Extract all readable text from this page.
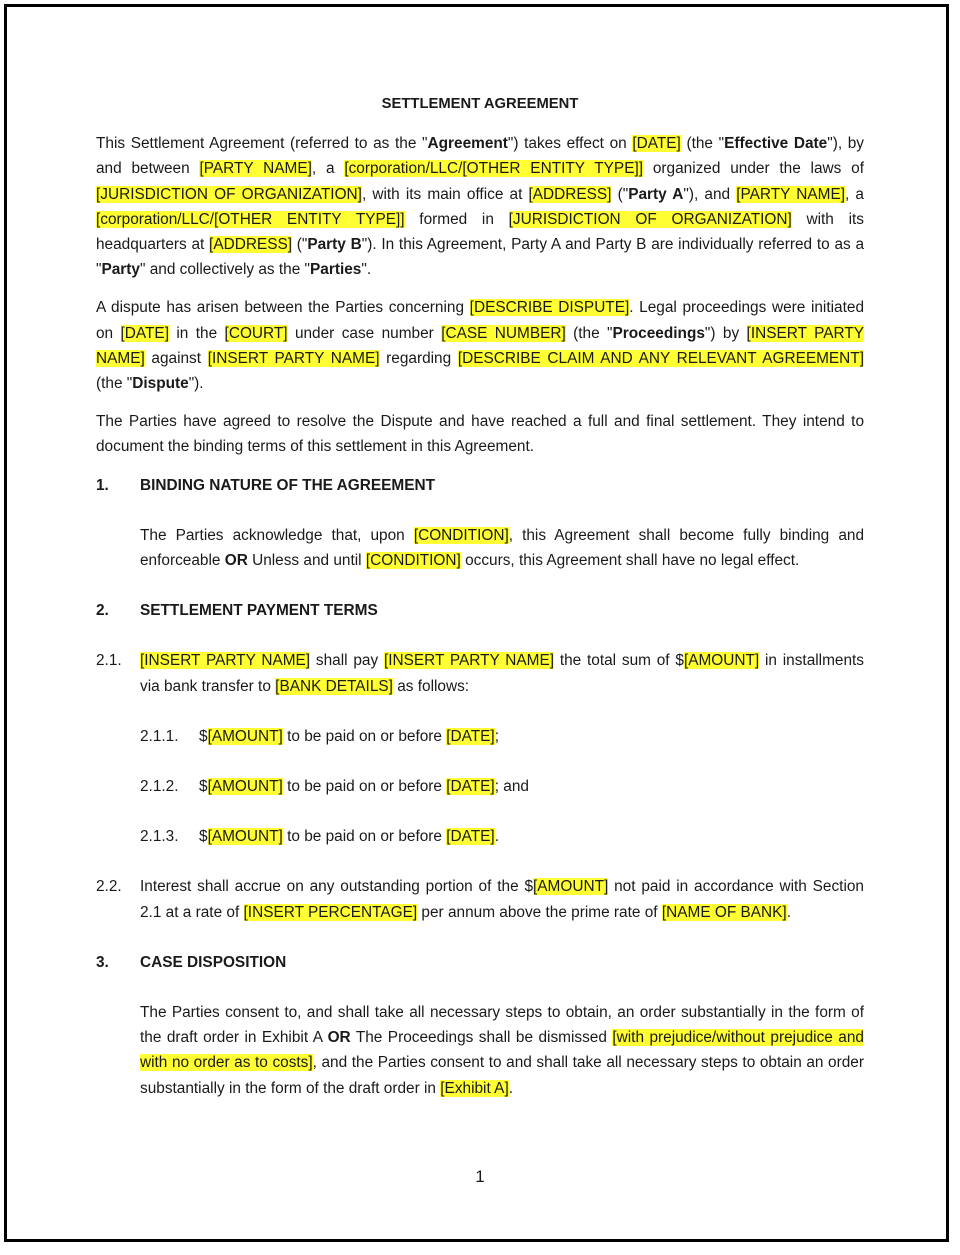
SETTLEMENT AGREEMENT

This Settlement Agreement (referred to as the "Agreement") takes effect on [DATE] (the "Effective Date"), by and between [PARTY NAME], a [corporation/LLC/[OTHER ENTITY TYPE]] organized under the laws of [JURISDICTION OF ORGANIZATION], with its main office at [ADDRESS] ("Party A"), and [PARTY NAME], a [corporation/LLC/[OTHER ENTITY TYPE]] formed in [JURISDICTION OF ORGANIZATION] with its headquarters at [ADDRESS] ("Party B"). In this Agreement, Party A and Party B are individually referred to as a "Party" and collectively as the "Parties".

A dispute has arisen between the Parties concerning [DESCRIBE DISPUTE]. Legal proceedings were initiated on [DATE] in the [COURT] under case number [CASE NUMBER] (the "Proceedings") by [INSERT PARTY NAME] against [INSERT PARTY NAME] regarding [DESCRIBE CLAIM AND ANY RELEVANT AGREEMENT] (the "Dispute").

The Parties have agreed to resolve the Dispute and have reached a full and final settlement. They intend to document the binding terms of this settlement in this Agreement.

1.	BINDING NATURE OF THE AGREEMENT

The Parties acknowledge that, upon [CONDITION], this Agreement shall become fully binding and enforceable OR Unless and until [CONDITION] occurs, this Agreement shall have no legal effect.

2.	SETTLEMENT PAYMENT TERMS
2.1.	[INSERT PARTY NAME] shall pay [INSERT PARTY NAME] the total sum of $[AMOUNT] in installments via bank transfer to [BANK DETAILS] as follows:
2.1.1.	$[AMOUNT] to be paid on or before [DATE];
2.1.2.	$[AMOUNT] to be paid on or before [DATE]; and
2.1.3.	$[AMOUNT] to be paid on or before [DATE].
2.2.	Interest shall accrue on any outstanding portion of the $[AMOUNT] not paid in accordance with Section 2.1 at a rate of [INSERT PERCENTAGE] per annum above the prime rate of [NAME OF BANK].
3.	CASE DISPOSITION

The Parties consent to, and shall take all necessary steps to obtain, an order substantially in the form of the draft order in Exhibit A OR The Proceedings shall be dismissed [with prejudice/without prejudice and with no order as to costs], and the Parties consent to and shall take all necessary steps to obtain an order substantially in the form of the draft order in [Exhibit A].

1
